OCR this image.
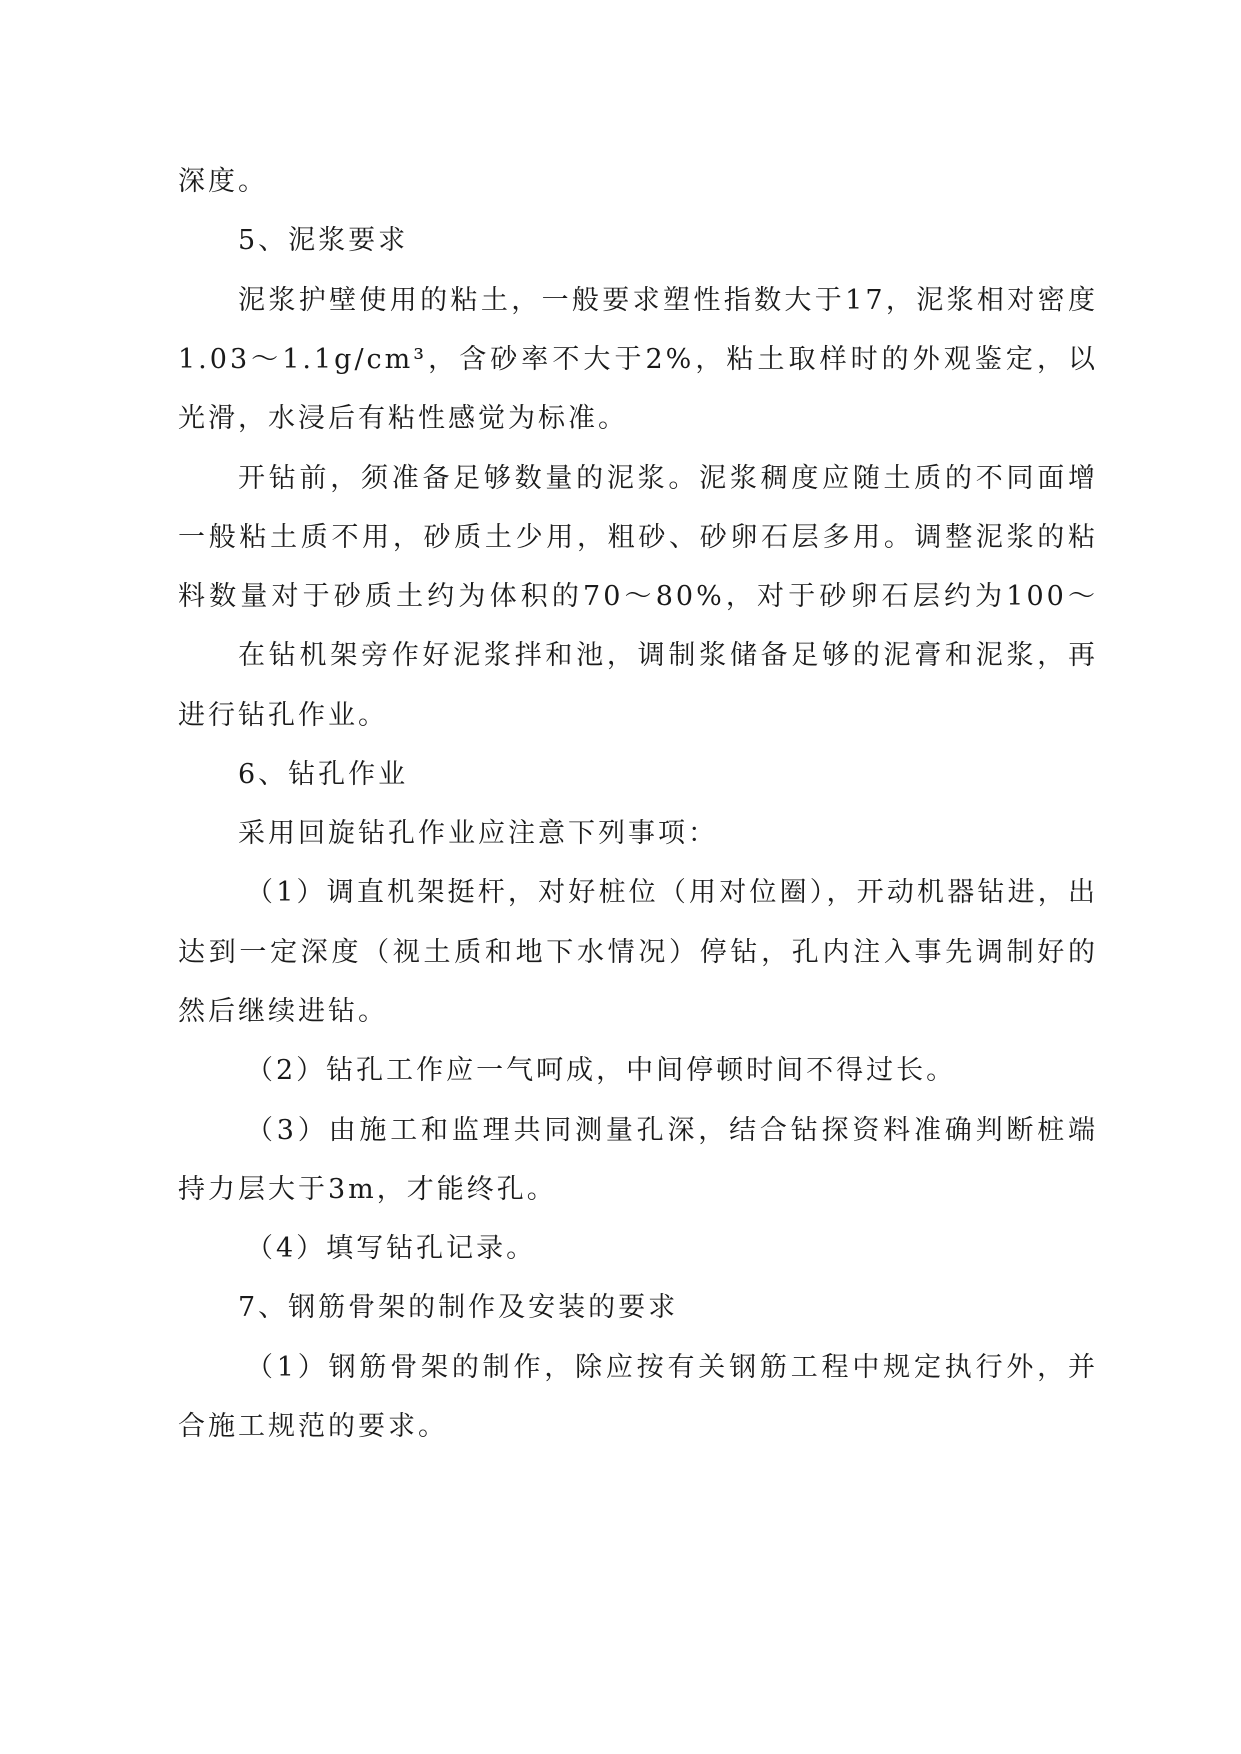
深度。
5、泥浆要求
泥浆护壁使用的粘土，一般要求塑性指数大于17，泥浆相对密度
1.03～1.1g/cm³，含砂率不大于2%，粘土取样时的外观鉴定，以
光滑，水浸后有粘性感觉为标准。
开钻前，须准备足够数量的泥浆。泥浆稠度应随土质的不同面增
一般粘土质不用，砂质土少用，粗砂、砂卵石层多用。调整泥浆的粘
料数量对于砂质土约为体积的70～80%，对于砂卵石层约为100～
在钻机架旁作好泥浆拌和池，调制浆储备足够的泥膏和泥浆，再
进行钻孔作业。
6、钻孔作业
采用回旋钻孔作业应注意下列事项：
（1）调直机架挺杆，对好桩位（用对位圈），开动机器钻进，出
达到一定深度（视土质和地下水情况）停钻，孔内注入事先调制好的
然后继续进钻。
（2）钻孔工作应一气呵成，中间停顿时间不得过长。
（3）由施工和监理共同测量孔深，结合钻探资料准确判断桩端
持力层大于3m，才能终孔。
（4）填写钻孔记录。
7、钢筋骨架的制作及安装的要求
（1）钢筋骨架的制作，除应按有关钢筋工程中规定执行外，并
合施工规范的要求。
